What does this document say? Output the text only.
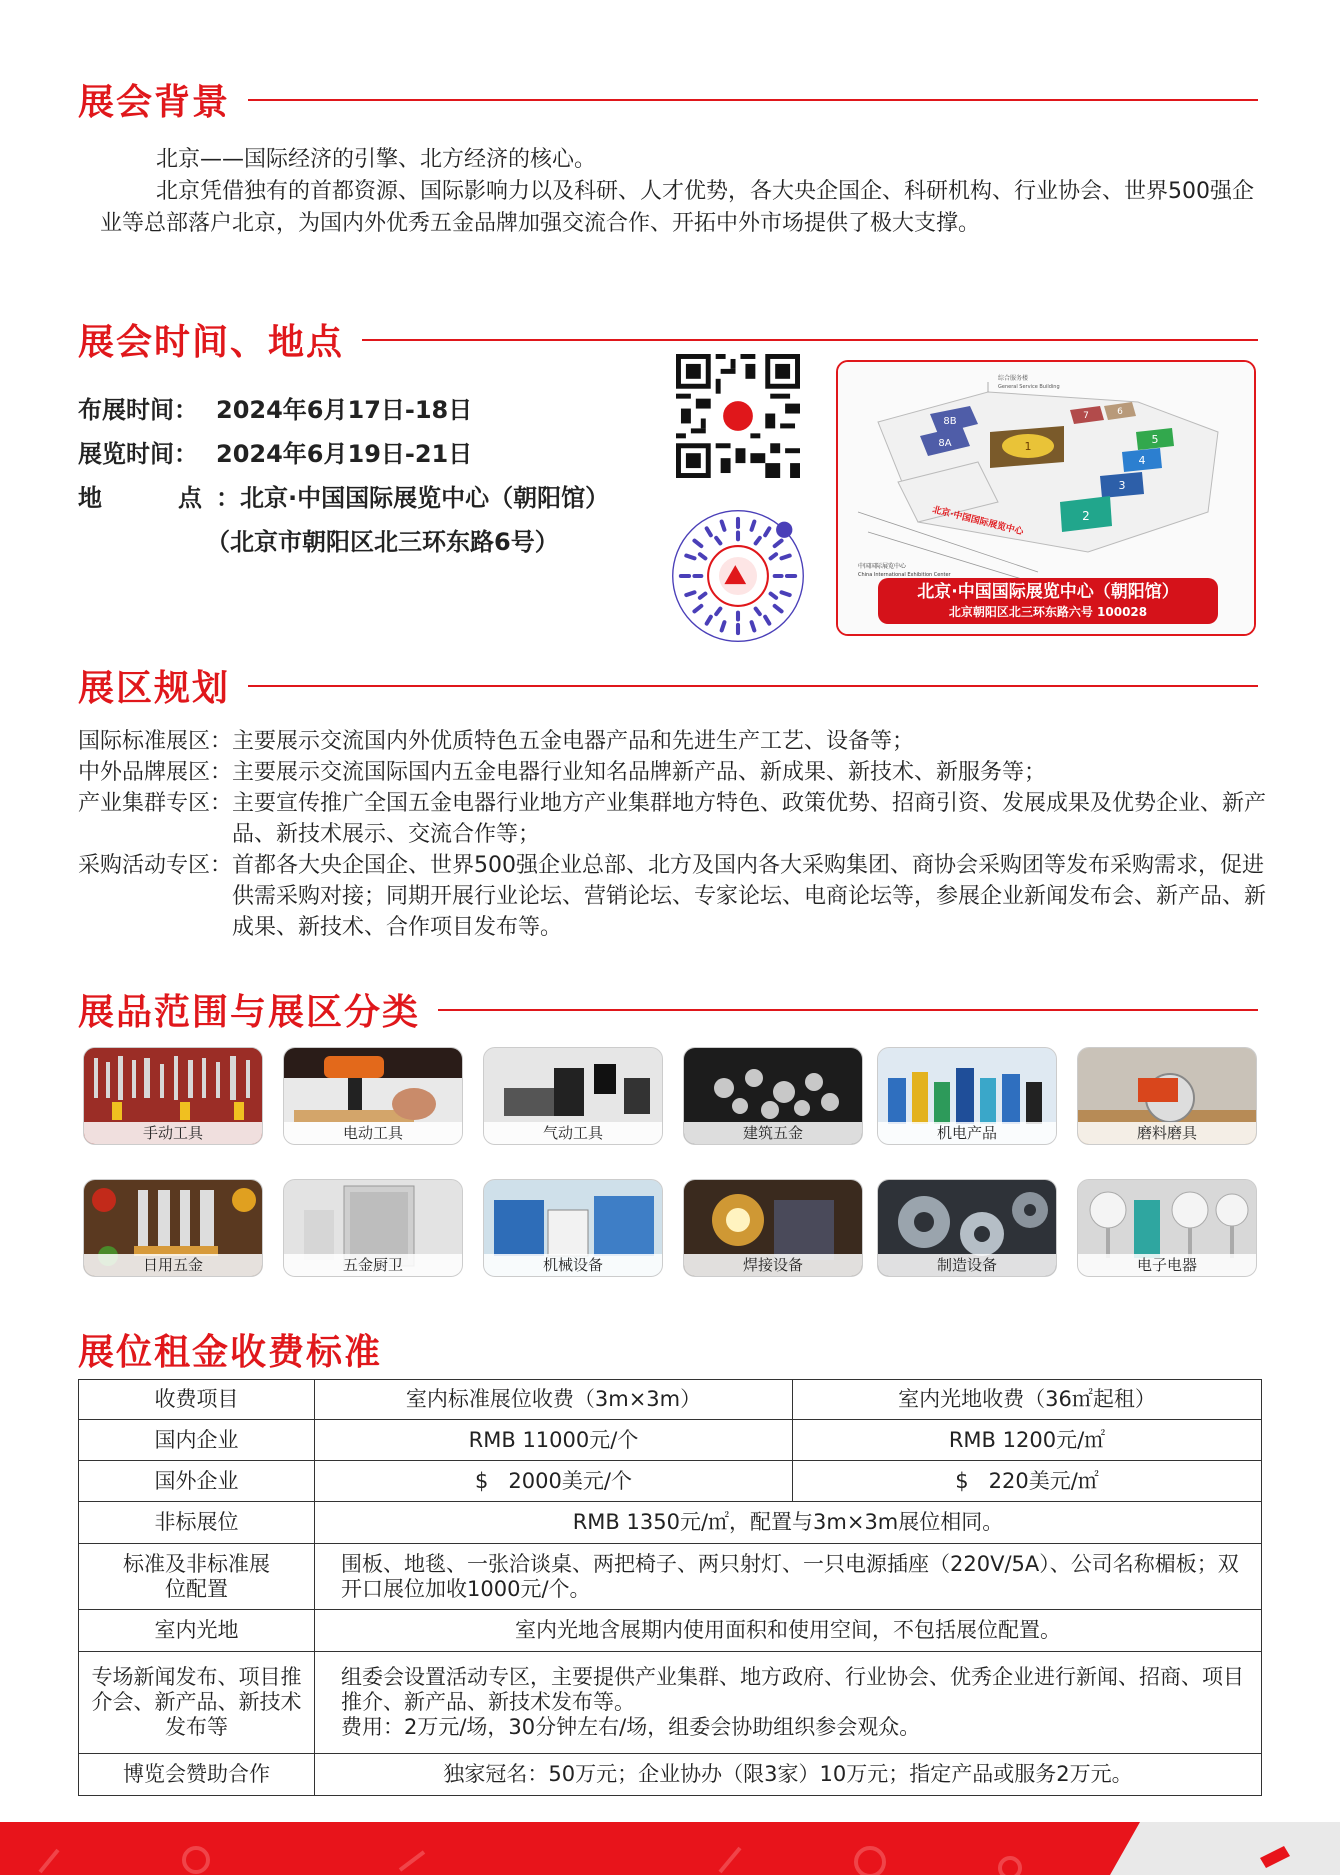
展会背景

北京——国际经济的引擎、北方经济的核心。

北京凭借独有的首都资源、国际影响力以及科研、人才优势，各大央企国企、科研机构、行业协会、世界500强企业等总部落户北京，为国内外优秀五金品牌加强交流合作、开拓中外市场提供了极大支撑。

展会时间、地点
布展时间： 2024年6月17日-18日
展览时间： 2024年6月19日-21日
地	点 ： 北京·中国国际展览中心（朝阳馆）
（北京市朝阳区北三环东路6号）
8B
8A	1
7	6
5
4
3
2
综合服务楼
General Service Building
北京·中国国际展览中心
中国国际展览中心
China International Exhibition Center
北京·中国国际展览中心（朝阳馆）
北京朝阳区北三环东路六号 100028
展区规划
国际标准展区： 主要展示交流国内外优质特色五金电器产品和先进生产工艺、设备等；
中外品牌展区： 主要展示交流国际国内五金电器行业知名品牌新产品、新成果、新技术、新服务等；
产业集群专区： 主要宣传推广全国五金电器行业地方产业集群地方特色、政策优势、招商引资、发展成果及优势企业、新产品、新技术展示、交流合作等；
采购活动专区： 首都各大央企国企、世界500强企业总部、北方及国内各大采购集团、商协会采购团等发布采购需求，促进供需采购对接；同期开展行业论坛、营销论坛、专家论坛、电商论坛等，参展企业新闻发布会、新产品、新成果、新技术、合作项目发布等。
展品范围与展区分类
手动工具	电动工具	气动工具	建筑五金	机电产品	磨料磨具
日用五金	五金厨卫	机械设备	焊接设备	制造设备	电子电器
展位租金收费标准
收费项目	室内标准展位收费（3m×3m）	室内光地收费（36㎡起租）
国内企业	RMB 11000元/个	RMB 1200元/㎡
国外企业	$   2000美元/个	$   220美元/㎡
非标展位	RMB 1350元/㎡，配置与3m×3m展位相同。	
标准及非标准展位配置	围板、地毯、一张洽谈桌、两把椅子、两只射灯、一只电源插座（220V/5A）、公司名称楣板；双开口展位加收1000元/个。	
室内光地	室内光地含展期内使用面积和使用空间，不包括展位配置。	
专场新闻发布、项目推介会、新产品、新技术发布等	组委会设置活动专区，主要提供产业集群、地方政府、行业协会、优秀企业进行新闻、招商、项目推介、新产品、新技术发布等。
费用：2万元/场，30分钟左右/场，组委会协助组织参会观众。	

博览会赞助合作	独家冠名：50万元；企业协办（限3家）10万元；指定产品或服务2万元。	
